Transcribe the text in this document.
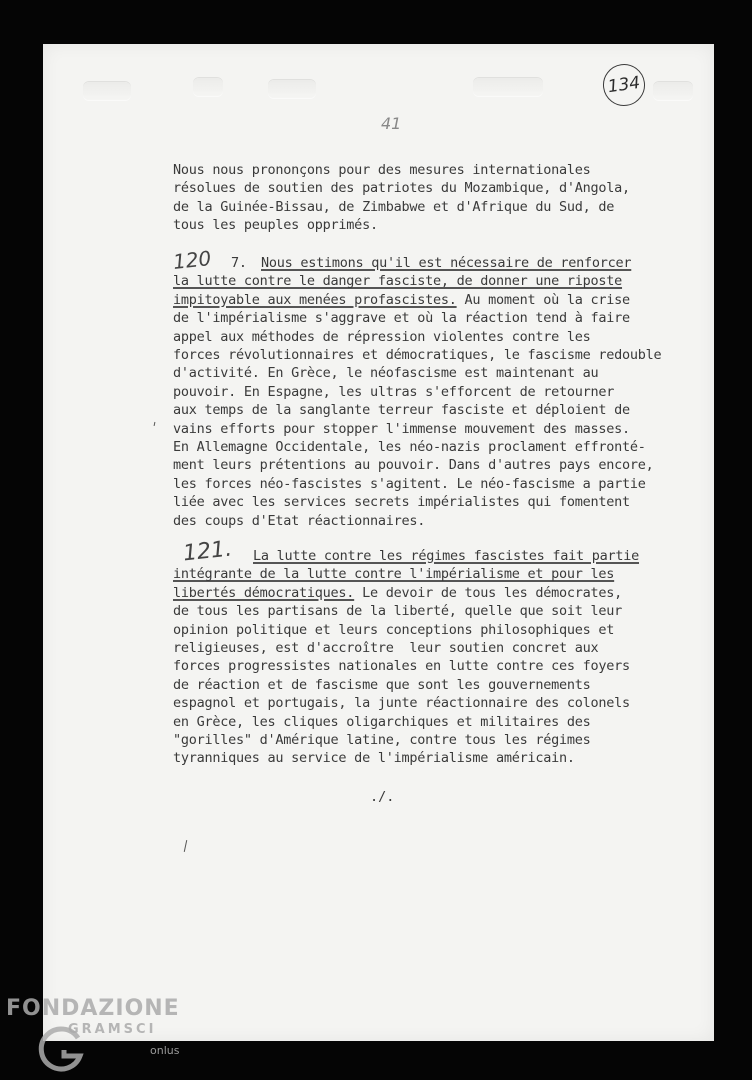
134
41
Nous nous prononçons pour des mesures internationales
résolues de soutien des patriotes du Mozambique, d'Angola,
de la Guinée-Bissau, de Zimbabwe et d'Afrique du Sud, de
tous les peuples opprimés.
120 7.	Nous estimons qu'il est nécessaire de renforcer
la lutte contre le danger fasciste, de donner une riposte
impitoyable aux menées profascistes. Au moment où la crise
de l'impérialisme s'aggrave et où la réaction tend à faire
appel aux méthodes de répression violentes contre les
forces révolutionnaires et démocratiques, le fascisme redouble
d'activité. En Grèce, le néofascisme est maintenant au
pouvoir. En Espagne, les ultras s'efforcent de retourner
aux temps de la sanglante terreur fasciste et déploient de
vains efforts pour stopper l'immense mouvement des masses.
En Allemagne Occidentale, les néo-nazis proclament effronté-
ment leurs prétentions au pouvoir. Dans d'autres pays encore,
les forces néo-fascistes s'agitent. Le néo-fascisme a partie
liée avec les services secrets impérialistes qui fomentent
des coups d'Etat réactionnaires.
121.	La lutte contre les régimes fascistes fait partie
intégrante de la lutte contre l'impérialisme et pour les
libertés démocratiques. Le devoir de tous les démocrates,
de tous les partisans de la liberté, quelle que soit leur
opinion politique et leurs conceptions philosophiques et
religieuses, est d'accroître  leur soutien concret aux
forces progressistes nationales en lutte contre ces foyers
de réaction et de fascisme que sont les gouvernements
espagnol et portugais, la junte réactionnaire des colonels
en Grèce, les cliques oligarchiques et militaires des
"gorilles" d'Amérique latine, contre tous les régimes
tyranniques au service de l'impérialisme américain.
./.
FONDAZIONE
GRAMSCI
onlus
